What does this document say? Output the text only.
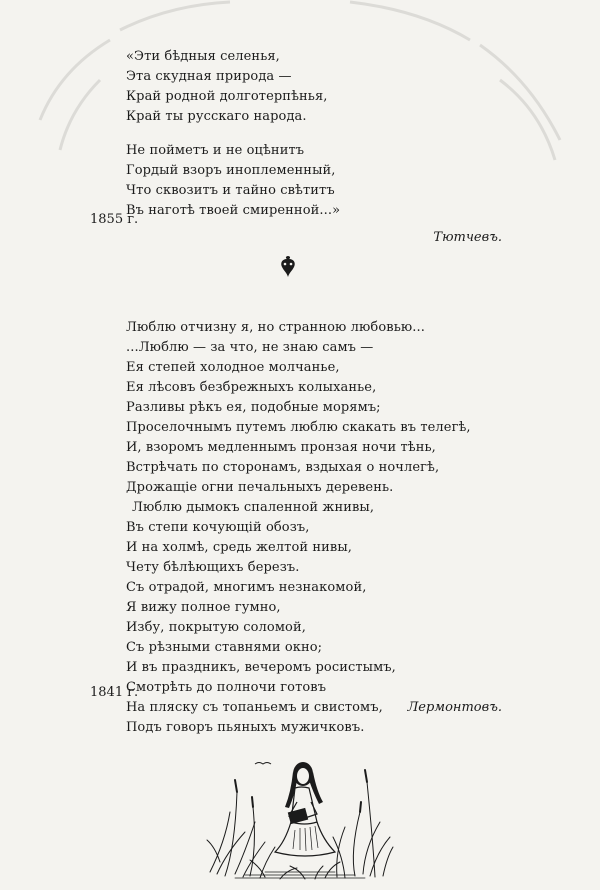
«Эти бѣдныя селенья,
Эта скудная природа —
Край родной долготерпѣнья,
Край ты русскаго народа.
Не пойметъ и не оцѣнитъ
Гордый взоръ иноплеменный,
Что сквозитъ и тайно свѣтитъ
Въ наготѣ твоей смиренной...»
1855 г.
Тютчевъ.
Люблю отчизну я, но странною любовью...
...Люблю — за что, не знаю самъ —
Ея степей холодное молчанье,
Ея лѣсовъ безбрежныхъ колыханье,
Разливы рѣкъ ея, подобные морямъ;
Проселочнымъ путемъ люблю скакать въ телегѣ,
И, взоромъ медленнымъ пронзая ночи тѣнь,
Встрѣчать по сторонамъ, вздыхая о ночлегѣ,
Дрожащіе огни печальныхъ деревень.
Люблю дымокъ спаленной жнивы,
Въ степи кочующій обозъ,
И на холмѣ, средь желтой нивы,
Чету бѣлѣющихъ березъ.
Съ отрадой, многимъ незнакомой,
Я вижу полное гумно,
Избу, покрытую соломой,
Съ рѣзными ставнями окно;
И въ праздникъ, вечеромъ росистымъ,
Смотрѣть до полночи готовъ
На пляску съ топаньемъ и свистомъ,
Подъ говоръ пьяныхъ мужичковъ.
1841 г.
Лермонтовъ.
